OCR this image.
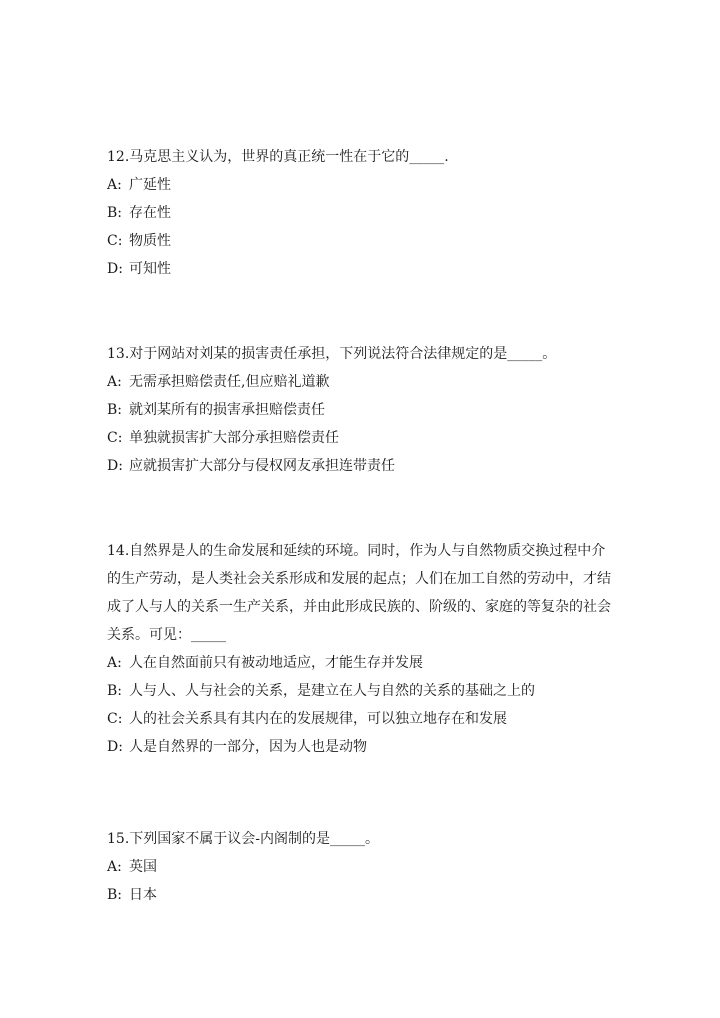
12.马克思主义认为，世界的真正统一性在于它的_____.

A: 广延性

B: 存在性

C: 物质性

D: 可知性

13.对于网站对刘某的损害责任承担，下列说法符合法律规定的是_____。

A: 无需承担赔偿责任,但应赔礼道歉

B: 就刘某所有的损害承担赔偿责任

C: 单独就损害扩大部分承担赔偿责任

D: 应就损害扩大部分与侵权网友承担连带责任

14.自然界是人的生命发展和延续的环境。同时，作为人与自然物质交换过程中介的生产劳动，是人类社会关系形成和发展的起点；人们在加工自然的劳动中，才结成了人与人的关系一生产关系，并由此形成民族的、阶级的、家庭的等复杂的社会关系。可见：_____

A: 人在自然面前只有被动地适应，才能生存并发展

B: 人与人、人与社会的关系，是建立在人与自然的关系的基础之上的

C: 人的社会关系具有其内在的发展规律，可以独立地存在和发展

D: 人是自然界的一部分，因为人也是动物

15.下列国家不属于议会-内阁制的是_____。

A: 英国

B: 日本
